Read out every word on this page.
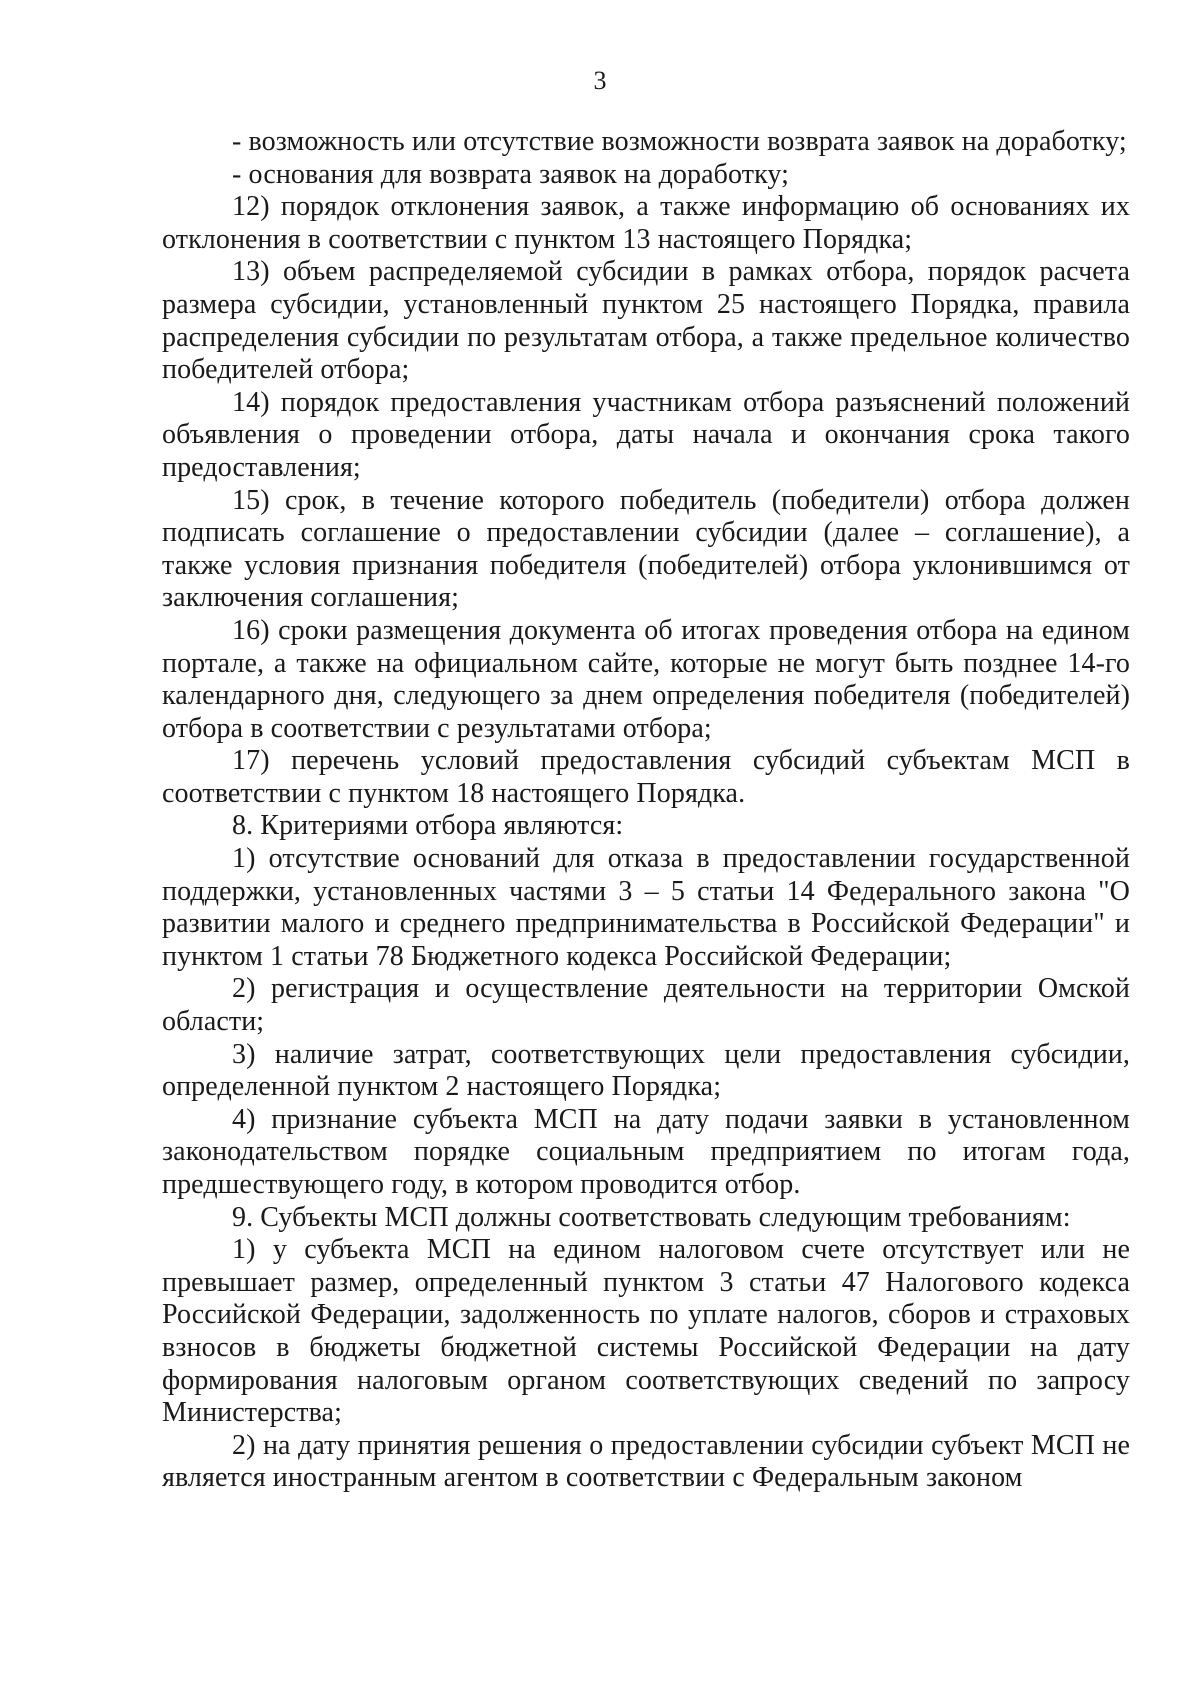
3

- возможность или отсутствие возможности возврата заявок на доработку;

- основания для возврата заявок на доработку;

12) порядок отклонения заявок, а также информацию об основаниях их отклонения в соответствии с пунктом 13 настоящего Порядка;

13) объем распределяемой субсидии в рамках отбора, порядок расчета размера субсидии, установленный пунктом 25 настоящего Порядка, правила распределения субсидии по результатам отбора, а также предельное количество победителей отбора;

14) порядок предоставления участникам отбора разъяснений положений объявления о проведении отбора, даты начала и окончания срока такого предоставления;

15) срок, в течение которого победитель (победители) отбора должен подписать соглашение о предоставлении субсидии (далее – соглашение), а также условия признания победителя (победителей) отбора уклонившимся от заключения соглашения;

16) сроки размещения документа об итогах проведения отбора на едином портале, а также на официальном сайте, которые не могут быть позднее 14-го календарного дня, следующего за днем определения победителя (победителей) отбора в соответствии с результатами отбора;

17) перечень условий предоставления субсидий субъектам МСП в соответствии с пунктом 18 настоящего Порядка.

8. Критериями отбора являются:

1) отсутствие оснований для отказа в предоставлении государственной поддержки, установленных частями 3 – 5 статьи 14 Федерального закона "О развитии малого и среднего предпринимательства в Российской Федерации" и пунктом 1 статьи 78 Бюджетного кодекса Российской Федерации;

2) регистрация и осуществление деятельности на территории Омской области;

3) наличие затрат, соответствующих цели предоставления субсидии, определенной пунктом 2 настоящего Порядка;

4) признание субъекта МСП на дату подачи заявки в установленном законодательством порядке социальным предприятием по итогам года, предшествующего году, в котором проводится отбор.

9. Субъекты МСП должны соответствовать следующим требованиям:

1) у субъекта МСП на едином налоговом счете отсутствует или не превышает размер, определенный пунктом 3 статьи 47 Налогового кодекса Российской Федерации, задолженность по уплате налогов, сборов и страховых взносов в бюджеты бюджетной системы Российской Федерации на дату формирования налоговым органом соответствующих сведений по запросу Министерства;

2) на дату принятия решения о предоставлении субсидии субъект МСП не является иностранным агентом в соответствии с Федеральным законом
